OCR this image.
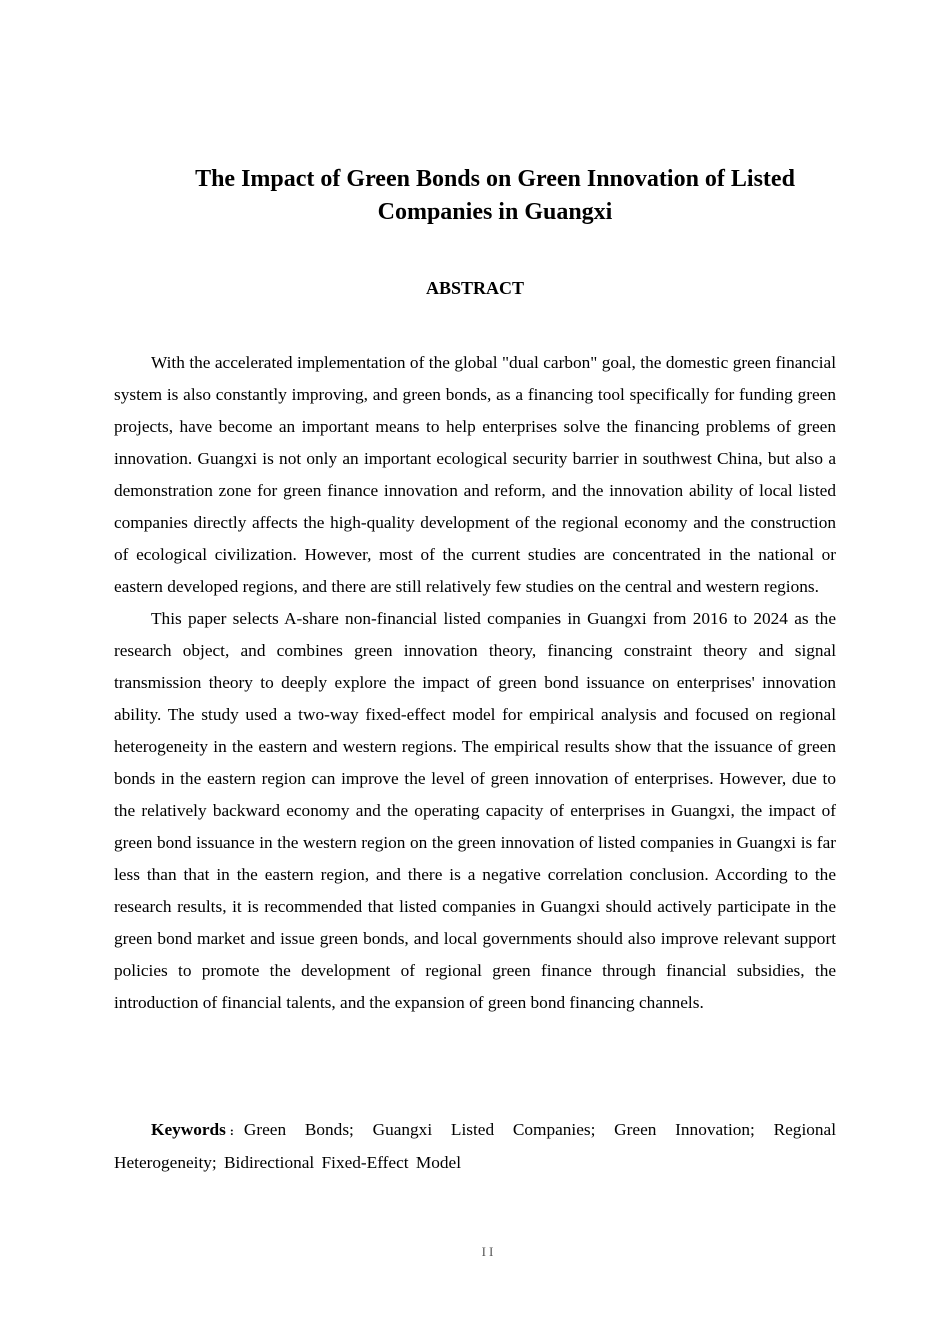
The Impact of Green Bonds on Green Innovation of Listed Companies in Guangxi
ABSTRACT

With the accelerated implementation of the global "dual carbon" goal, the domestic green financial system is also constantly improving, and green bonds, as a financing tool specifically for funding green projects, have become an important means to help enterprises solve the financing problems of green innovation. Guangxi is not only an important ecological security barrier in southwest China, but also a demonstration zone for green finance innovation and reform, and the innovation ability of local listed companies directly affects the high-quality development of the regional economy and the construction of ecological civilization. However, most of the current studies are concentrated in the national or eastern developed regions, and there are still relatively few studies on the central and western regions.

This paper selects A-share non-financial listed companies in Guangxi from 2016 to 2024 as the research object, and combines green innovation theory, financing constraint theory and signal transmission theory to deeply explore the impact of green bond issuance on enterprises' innovation ability. The study used a two-way fixed-effect model for empirical analysis and focused on regional heterogeneity in the eastern and western regions. The empirical results show that the issuance of green bonds in the eastern region can improve the level of green innovation of enterprises. However, due to the relatively backward economy and the operating capacity of enterprises in Guangxi, the impact of green bond issuance in the western region on the green innovation of listed companies in Guangxi is far less than that in the eastern region, and there is a negative correlation conclusion. According to the research results, it is recommended that listed companies in Guangxi should actively participate in the green bond market and issue green bonds, and local governments should also improve relevant support policies to promote the development of regional green finance through financial subsidies, the introduction of financial talents, and the expansion of green bond financing channels.

Keywords : Green Bonds; Guangxi Listed Companies; Green Innovation; Regional Heterogeneity; Bidirectional Fixed-Effect Model

II
